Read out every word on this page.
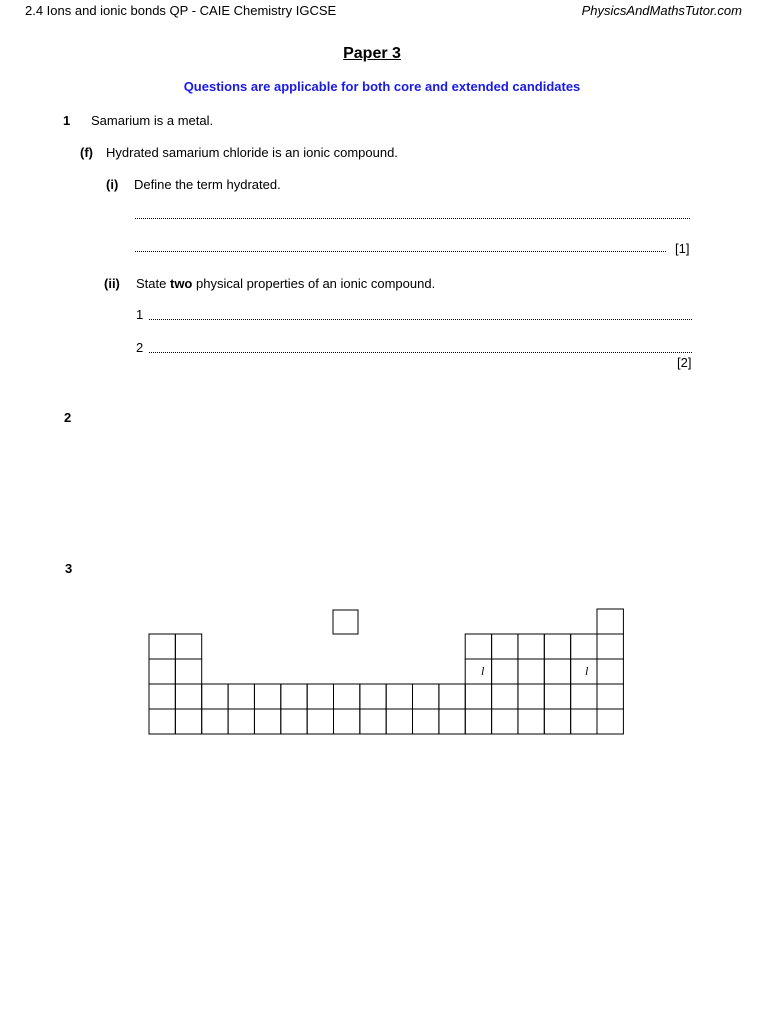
2.4 Ions and ionic bonds QP - CAIE Chemistry IGCSE	PhysicsAndMathsTutor.com
Paper 3
Questions are applicable for both core and extended candidates
1 Samarium is a metal.
(f) Hydrated samarium chloride is an ionic compound.
(i) Define the term hydrated.
[1]
(ii) State two physical properties of an ionic compound.
1
2
[2]
2
3
l	l
